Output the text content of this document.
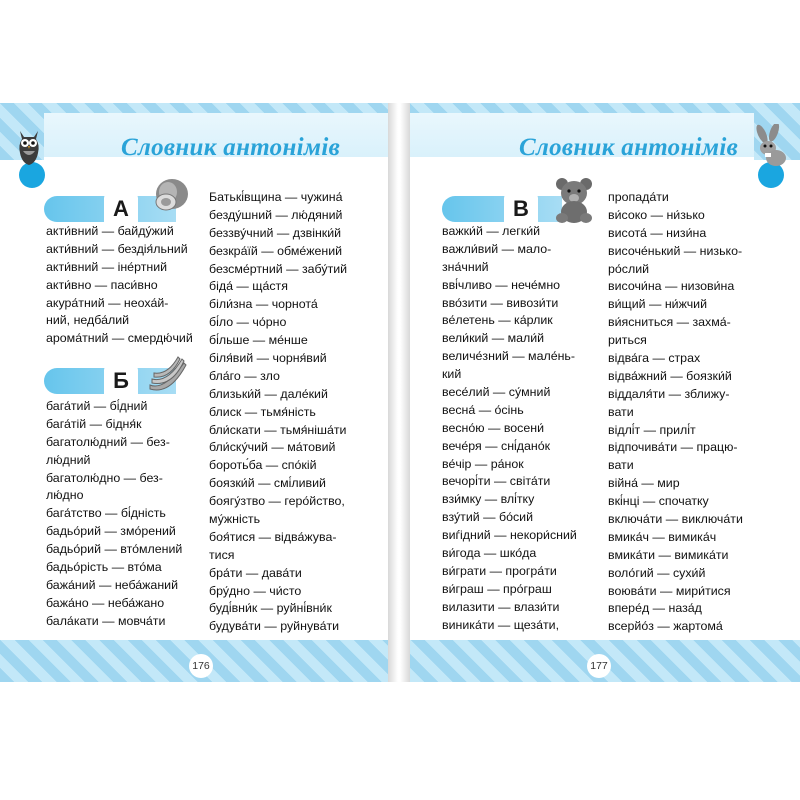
Словник антонімів	Словник антонімів
А
Б
В
акти́вний — байду́жий
акти́вний — бездія́льний
акти́вний — іне́ртний
акти́вно — паси́вно
акура́тний — неоха́й-
ний, недба́лий
арома́тний — смердю́чий
бага́тий — бі́дний
бага́тій — бідня́к
багатолю́дний — без-
лю́дний
багатолю́дно — без-
лю́дно
бага́тство — бі́дність
бадьо́рий — змо́рений
бадьо́рий — вто́млений
бадьо́рість — вто́ма
бажа́ний — неба́жаний
бажа́но — неба́жано
бала́кати — мовча́ти
Батькі́вщина — чужина́
безду́шний — лю́дяний
беззву́чний — дзвінки́й
безкра́їй — обме́жений
безсме́ртний — забу́тий
біда́ — ща́стя
біли́зна — чорнота́
бі́ло — чо́рно
бі́льше — ме́нше
біля́вий — чорня́вий
бла́го — зло
близьки́й — дале́кий
блиск — тьмя́ність
бли́скати — тьмя́ніша́ти
бли́ску́чий — ма́товий
бороть́ба — спо́кій
боязки́й — смі́ливий
боягу́зтво — геро́йство,
му́жність
боя́тися — відва́жува-
тися
бра́ти — дава́ти
бру́дно — чи́сто
буді́вни́к — руйні́вни́к
будува́ти — руйнува́ти
важки́й — легки́й
важли́вий — мало-
зна́чний
вві́чливо — нече́мно
вво́зити — вивози́ти
ве́летень — ка́рлик
вели́кий — мали́й
величе́зний — мале́нь-
кий
весе́лий — су́мний
весна́ — о́сінь
весно́ю — восени́
вече́ря — сні́дано́к
ве́чір — ра́нок
вечорі́ти — світа́ти
взи́мку — влі́тку
взу́тий — бо́сий
виѓідний — некори́сний
ви́года — шко́да
ви́грати — програ́ти
ви́граш — про́граш
вилазити — влази́ти
виника́ти — щеза́ти,
пропада́ти
ви́соко — ни́зько
висота́ — низи́на
височе́нький — низько-
ро́слий
височи́на — низови́на
ви́щий — ни́жчий
ви́ясниться — захма́-
риться
відва́га — страх
відва́жний — боязки́й
віддаля́ти — зближу-
вати
відлі́т — прилі́т
відпочива́ти — працю-
вати
війна́ — мир
вкі́нці — спочатку
включа́ти — виключа́ти
вмика́ч — вимика́ч
вмика́ти — вимика́ти
воло́гий — сухи́й
воюва́ти — мири́тися
впере́д — наза́д
всерйо́з — жартома́
176	177
